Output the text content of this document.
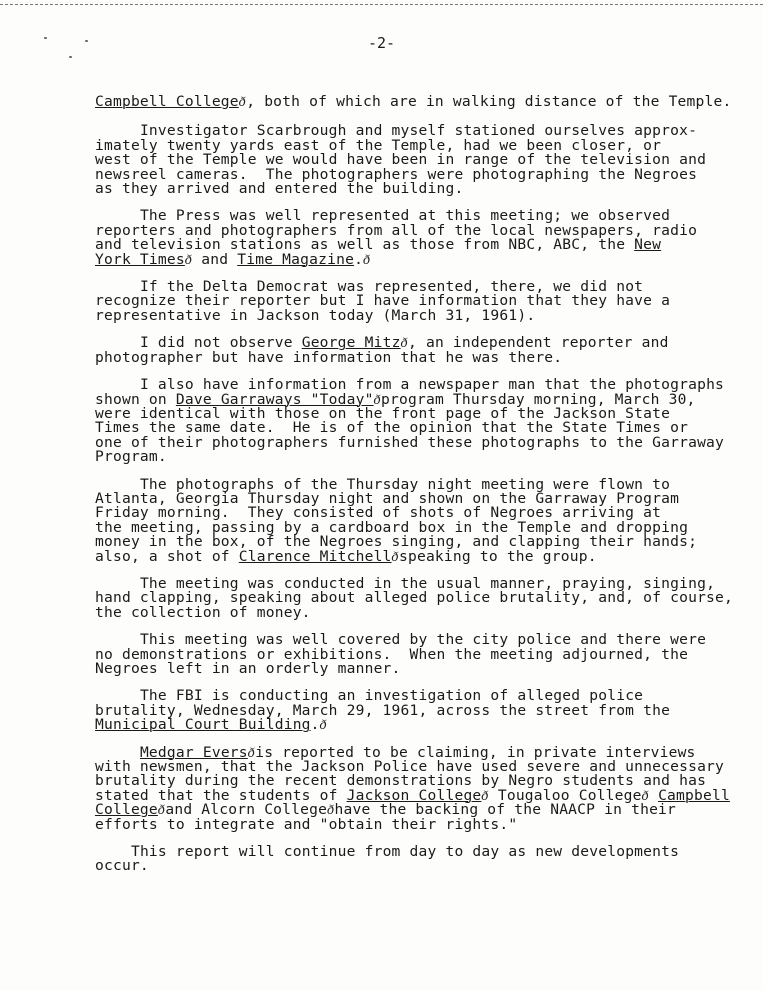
-2-

Campbell Collegeð, both of which are in walking distance of the Temple.

Investigator Scarbrough and myself stationed ourselves approx-
imately twenty yards east of the Temple, had we been closer, or
west of the Temple we would have been in range of the television and
newsreel cameras.  The photographers were photographing the Negroes
as they arrived and entered the building.

The Press was well represented at this meeting; we observed
reporters and photographers from all of the local newspapers, radio
and television stations as well as those from NBC, ABC, the New
York Timesð and Time Magazine.ð

If the Delta Democrat was represented, there, we did not
recognize their reporter but I have information that they have a
representative in Jackson today (March 31, 1961).

I did not observe George Mitzð, an independent reporter and
photographer but have information that he was there.

I also have information from a newspaper man that the photographs
shown on Dave Garraways "Today"ðprogram Thursday morning, March 30,
were identical with those on the front page of the Jackson State
Times the same date.  He is of the opinion that the State Times or
one of their photographers furnished these photographs to the Garraway
Program.

The photographs of the Thursday night meeting were flown to
Atlanta, Georgia Thursday night and shown on the Garraway Program
Friday morning.  They consisted of shots of Negroes arriving at
the meeting, passing by a cardboard box in the Temple and dropping
money in the box, of the Negroes singing, and clapping their hands;
also, a shot of Clarence Mitchellðspeaking to the group.

The meeting was conducted in the usual manner, praying, singing,
hand clapping, speaking about alleged police brutality, and, of course,
the collection of money.

This meeting was well covered by the city police and there were
no demonstrations or exhibitions.  When the meeting adjourned, the
Negroes left in an orderly manner.

The FBI is conducting an investigation of alleged police
brutality, Wednesday, March 29, 1961, across the street from the
Municipal Court Building.ð

Medgar Eversðis reported to be claiming, in private interviews
with newsmen, that the Jackson Police have used severe and unnecessary
brutality during the recent demonstrations by Negro students and has
stated that the students of Jackson Collegeð Tougaloo Collegeð Campbell
Collegeðand Alcorn Collegeðhave the backing of the NAACP in their
efforts to integrate and "obtain their rights."

This report will continue from day to day as new developments
occur.
